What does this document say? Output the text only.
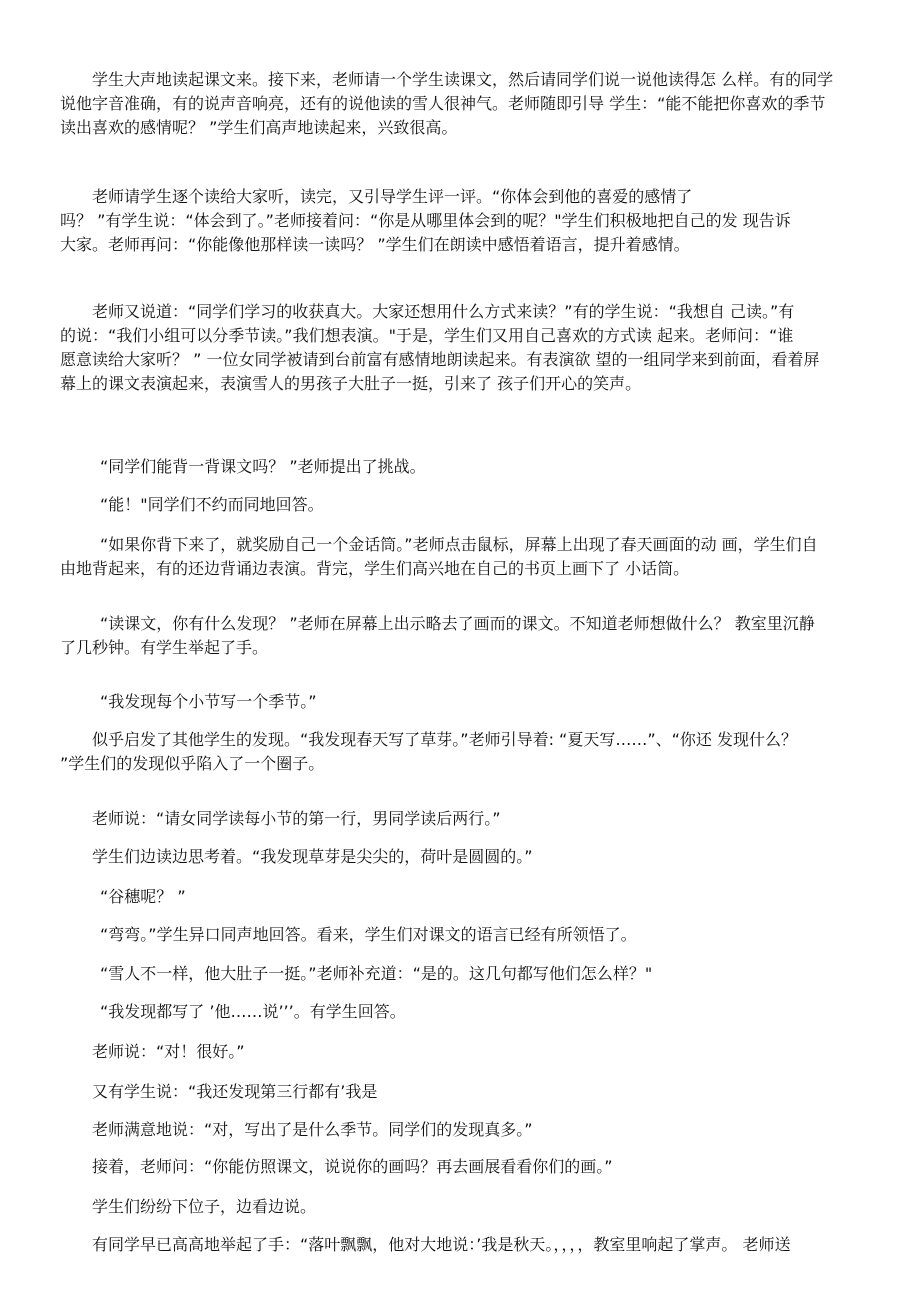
学生大声地读起课文来。接下来，老师请一个学生读课文，然后请同学们说一说他读得怎 么样。有的同学
说他字音准确，有的说声音响亮，还有的说他读的雪人很神气。老师随即引导 学生：“能不能把你喜欢的季节
读出喜欢的感情呢？ ”学生们高声地读起来，兴致很高。
老师请学生逐个读给大家听，读完，又引导学生评一评。“你体会到他的喜爱的感情了
吗？ ”有学生说：“体会到了。”老师接着问：“你是从哪里体会到的呢？"学生们积极地把自己的发 现告诉
大家。老师再问：“你能像他那样读一读吗？ ”学生们在朗读中感悟着语言，提升着感情。
老师又说道：“同学们学习的收获真大。大家还想用什么方式来读？”有的学生说：“我想自 己读。”有
的说：“我们小组可以分季节读。”我们想表演。"于是，学生们又用自己喜欢的方式读 起来。老师问：“谁
愿意读给大家听？ ” 一位女同学被请到台前富有感情地朗读起来。有表演欲 望的一组同学来到前面，看着屏
幕上的课文表演起来，表演雪人的男孩子大肚子一挺，引来了 孩子们开心的笑声。
“同学们能背一背课文吗？ ”老师提出了挑战。
“能！"同学们不约而同地回答。
“如果你背下来了，就奖励自己一个金话筒。”老师点击鼠标，屏幕上出现了春天画面的动 画，学生们自
由地背起来，有的还边背诵边表演。背完，学生们高兴地在自己的书页上画下了 小话筒。
“读课文，你有什么发现？ ”老师在屏幕上出示略去了画而的课文。不知道老师想做什么？ 教室里沉静
了几秒钟。有学生举起了手。
“我发现每个小节写一个季节。”
似乎启发了其他学生的发现。“我发现春天写了草芽。”老师引导着: “夏天写……”、“你还 发现什么？
”学生们的发现似乎陷入了一个圈子。
老师说：“请女同学读每小节的第一行，男同学读后两行。”
学生们边读边思考着。“我发现草芽是尖尖的，荷叶是圆圆的。”
“谷穗呢？ ”
“弯弯。”学生异口同声地回答。看来，学生们对课文的语言已经有所领悟了。
“雪人不一样，他大肚子一挺。”老师补充道：“是的。这几句都写他们怎么样？"
“我发现都写了 ’他……说’’’。有学生回答。
老师说：“对！很好。”
又有学生说：“我还发现第三行都有’我是
老师满意地说：“对，写出了是什么季节。同学们的发现真多。”
接着，老师问：“你能仿照课文，说说你的画吗？再去画展看看你们的画。”
学生们纷纷下位子，边看边说。
有同学早已高高地举起了手：“落叶飘飘，他对大地说：’我是秋天。，，，，教室里响起了掌声。 老师送
